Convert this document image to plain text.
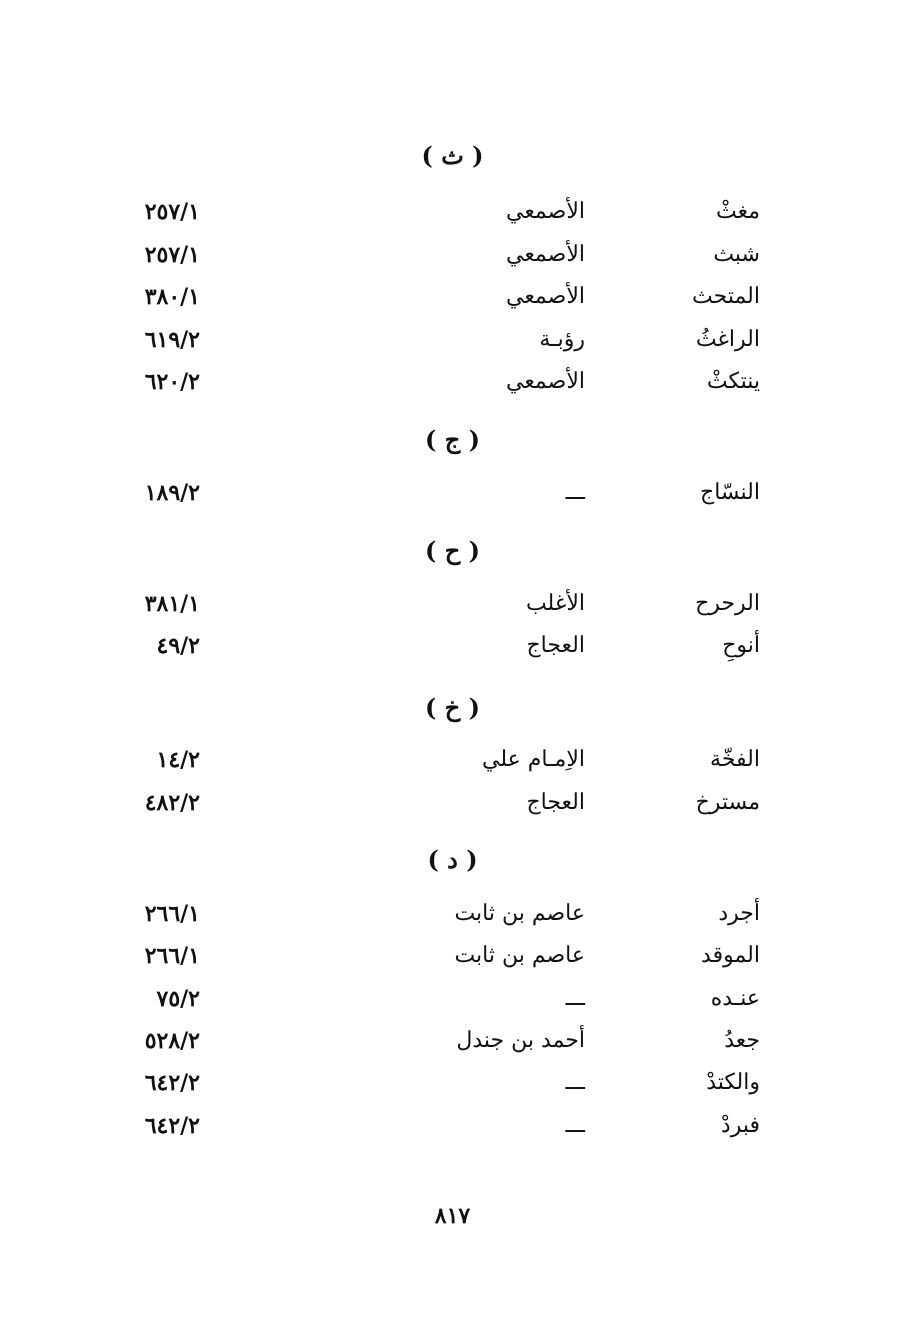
( ث )
مغثْ
الأصمعي
٢٥٧/١
شبث
الأصمعي
٢٥٧/١
المتحث
الأصمعي
٣٨٠/١
الراغثُ
رؤبـة
٦١٩/٢
ينتكثْ
الأصمعي
٦٢٠/٢
( ج )
النسّاج
ـــ
١٨٩/٢
( ح )
الرحرح
الأغلب
٣٨١/١
أنوحِ
العجاج
٤٩/٢
( خ )
الفخّة
الاِمـام علي
١٤/٢
مسترخ
العجاج
٤٨٢/٢
( د )
أجرد
عاصم بن ثابت
٢٦٦/١
الموقد
عاصم بن ثابت
٢٦٦/١
عنـده
ـــ
٧٥/٢
جعدُ
أحمد بن جندل
٥٢٨/٢
والكتدْ
ـــ
٦٤٢/٢
فبردْ
ـــ
٦٤٢/٢
٨١٧
